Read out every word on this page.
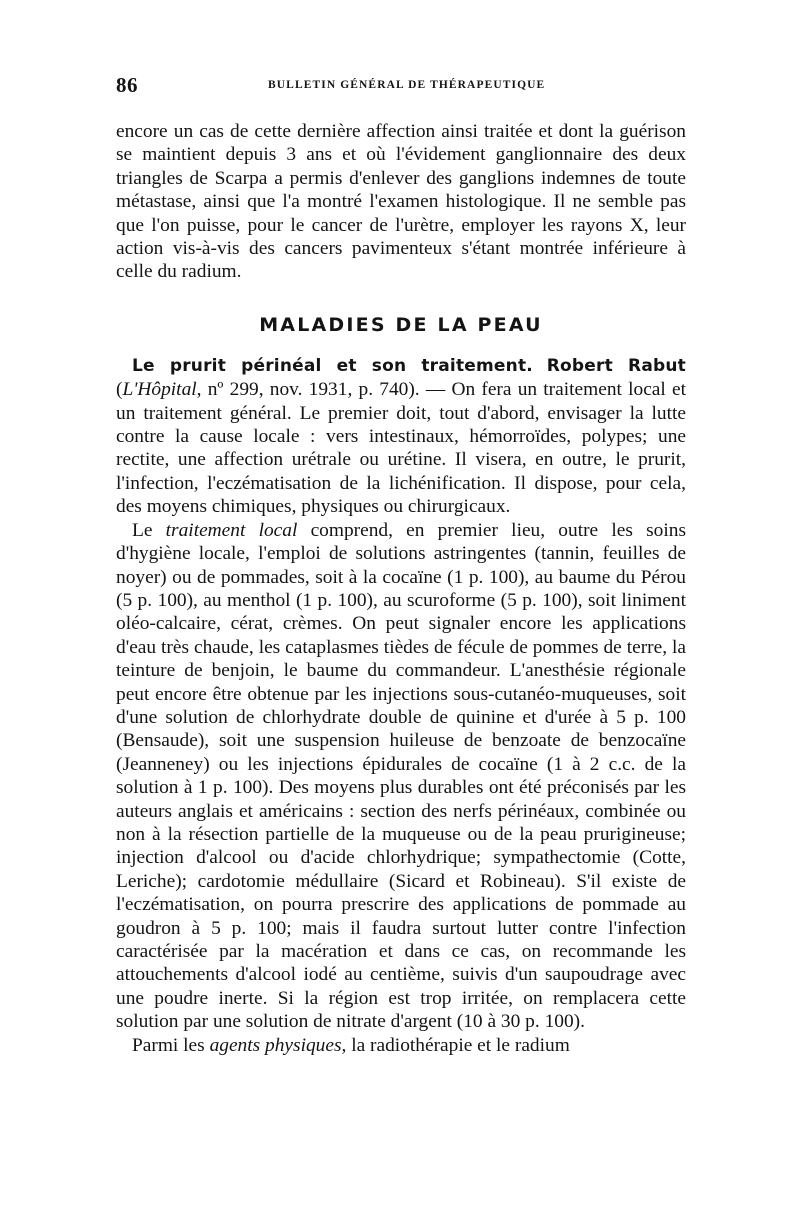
86	BULLETIN GÉNÉRAL DE THÉRAPEUTIQUE

encore un cas de cette dernière affection ainsi traitée et dont la guérison se maintient depuis 3 ans et où l'évidement ganglionnaire des deux triangles de Scarpa a permis d'enlever des ganglions indemnes de toute métastase, ainsi que l'a montré l'examen histologique. Il ne semble pas que l'on puisse, pour le cancer de l'urètre, employer les rayons X, leur action vis-à-vis des cancers pavimenteux s'étant montrée inférieure à celle du radium.

MALADIES DE LA PEAU

Le prurit périnéal et son traitement. Robert Rabut (L'Hôpital, nº 299, nov. 1931, p. 740). — On fera un traitement local et un traitement général. Le premier doit, tout d'abord, envisager la lutte contre la cause locale : vers intestinaux, hémorroïdes, polypes; une rectite, une affection urétrale ou urétine. Il visera, en outre, le prurit, l'infection, l'eczématisation de la lichénification. Il dispose, pour cela, des moyens chimiques, physiques ou chirurgicaux.

Le traitement local comprend, en premier lieu, outre les soins d'hygiène locale, l'emploi de solutions astringentes (tannin, feuilles de noyer) ou de pommades, soit à la cocaïne (1 p. 100), au baume du Pérou (5 p. 100), au menthol (1 p. 100), au scuroforme (5 p. 100), soit liniment oléo-calcaire, cérat, crèmes. On peut signaler encore les applications d'eau très chaude, les cataplasmes tièdes de fécule de pommes de terre, la teinture de benjoin, le baume du commandeur. L'anesthésie régionale peut encore être obtenue par les injections sous-cutanéo-muqueuses, soit d'une solution de chlorhydrate double de quinine et d'urée à 5 p. 100 (Bensaude), soit une suspension huileuse de benzoate de benzocaïne (Jeanneney) ou les injections épidurales de cocaïne (1 à 2 c.c. de la solution à 1 p. 100). Des moyens plus durables ont été préconisés par les auteurs anglais et américains : section des nerfs périnéaux, combinée ou non à la résection partielle de la muqueuse ou de la peau prurigineuse; injection d'alcool ou d'acide chlorhydrique; sympathectomie (Cotte, Leriche); cardotomie médullaire (Sicard et Robineau). S'il existe de l'eczématisation, on pourra prescrire des applications de pommade au goudron à 5 p. 100; mais il faudra surtout lutter contre l'infection caractérisée par la macération et dans ce cas, on recommande les attouchements d'alcool iodé au centième, suivis d'un saupoudrage avec une poudre inerte. Si la région est trop irritée, on remplacera cette solution par une solution de nitrate d'argent (10 à 30 p. 100).

Parmi les agents physiques, la radiothérapie et le radium
